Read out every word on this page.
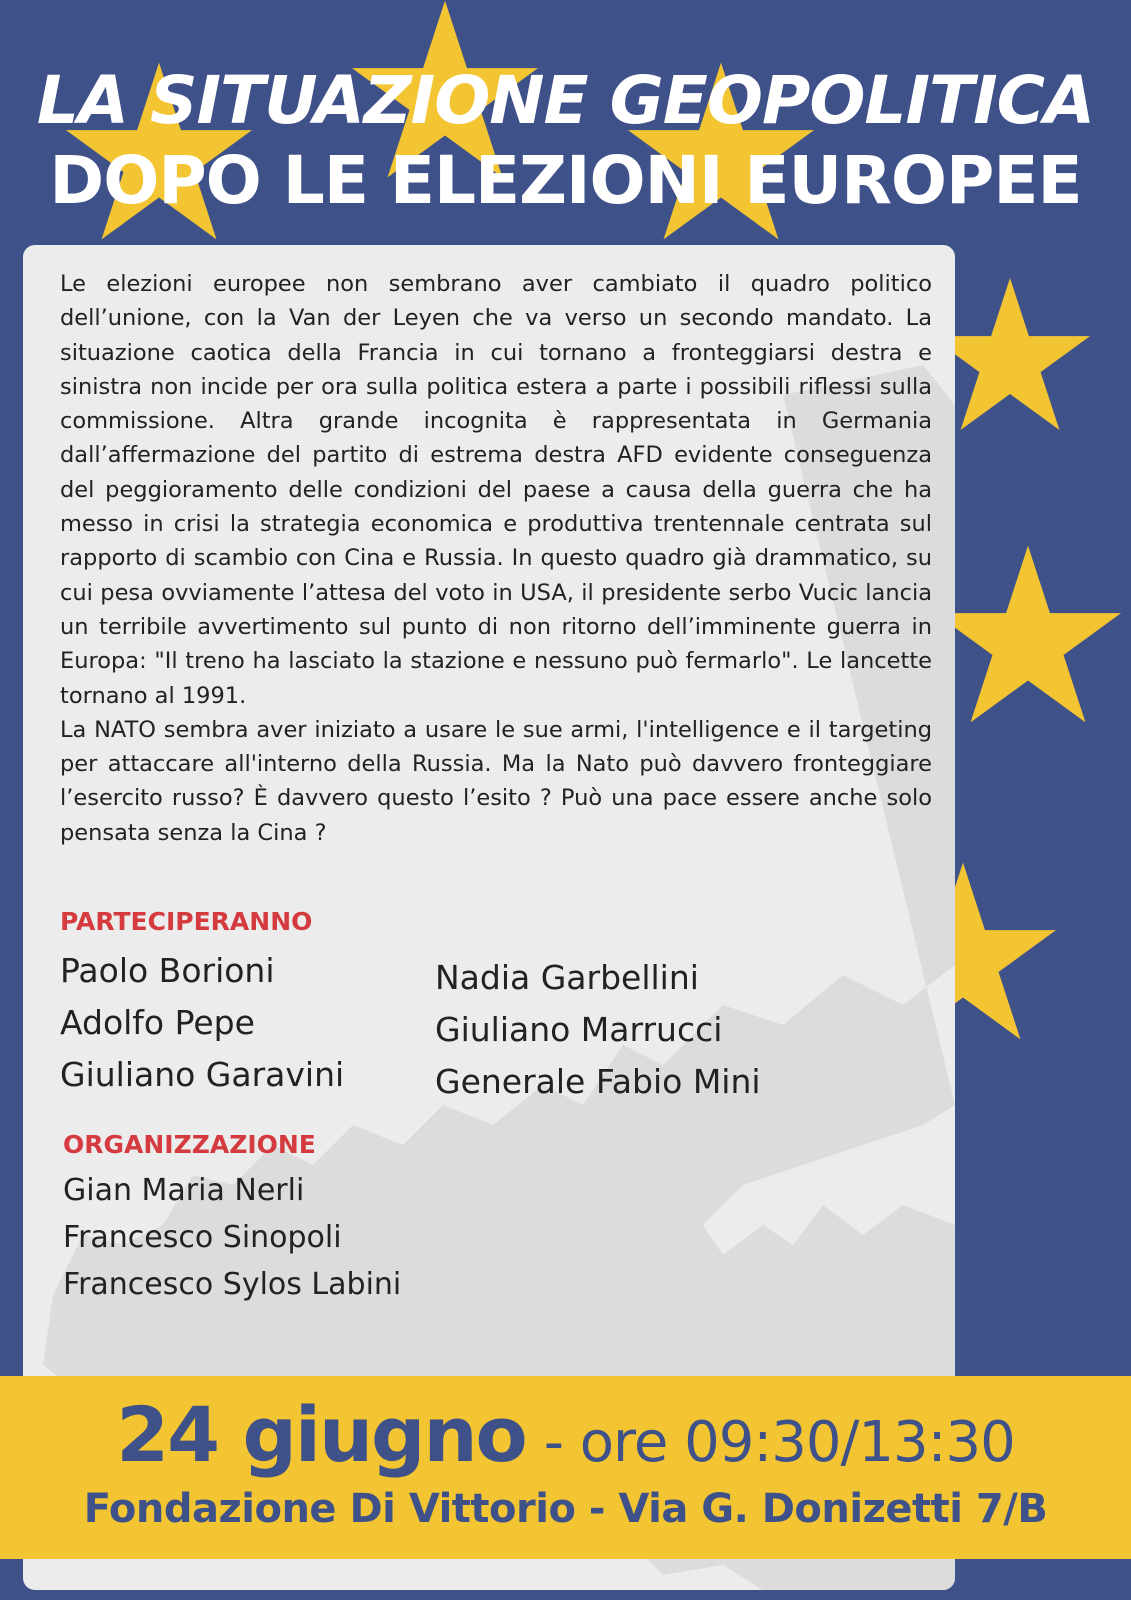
LA SITUAZIONE GEOPOLITICA
DOPO LE ELEZIONI EUROPEE

Le elezioni europee non sembrano aver cambiato il quadro politico dell’unione, con la Van der Leyen che va verso un secondo mandato. La situazione caotica della Francia in cui tornano a fronteggiarsi destra e sinistra non incide per ora sulla politica estera a parte i possibili riflessi sulla commissione. Altra grande incognita è rappresentata in Germania dall’affermazione del partito di estrema destra AFD evidente conseguenza del peggioramento delle condizioni del paese a causa della guerra che ha messo in crisi la strategia economica e produttiva trentennale centrata sul rapporto di scambio con Cina e Russia. In questo quadro già drammatico, su cui pesa ovviamente l’attesa del voto in USA, il presidente serbo Vucic lancia un terribile avvertimento sul punto di non ritorno dell’imminente guerra in Europa: "Il treno ha lasciato la stazione e nessuno può fermarlo". Le lancette tornano al 1991.

La NATO sembra aver iniziato a usare le sue armi, l'intelligence e il targeting per attaccare all'interno della Russia. Ma la Nato può davvero fronteggiare l’esercito russo? È davvero questo l’esito ? Può una pace essere anche solo pensata senza la Cina ?

PARTECIPERANNO
Paolo Borioni
Adolfo Pepe
Giuliano Garavini
Nadia Garbellini
Giuliano Marrucci
Generale Fabio Mini
ORGANIZZAZIONE
Gian Maria Nerli
Francesco Sinopoli
Francesco Sylos Labini
24 giugno - ore 09:30/13:30
Fondazione Di Vittorio - Via G. Donizetti 7/B
